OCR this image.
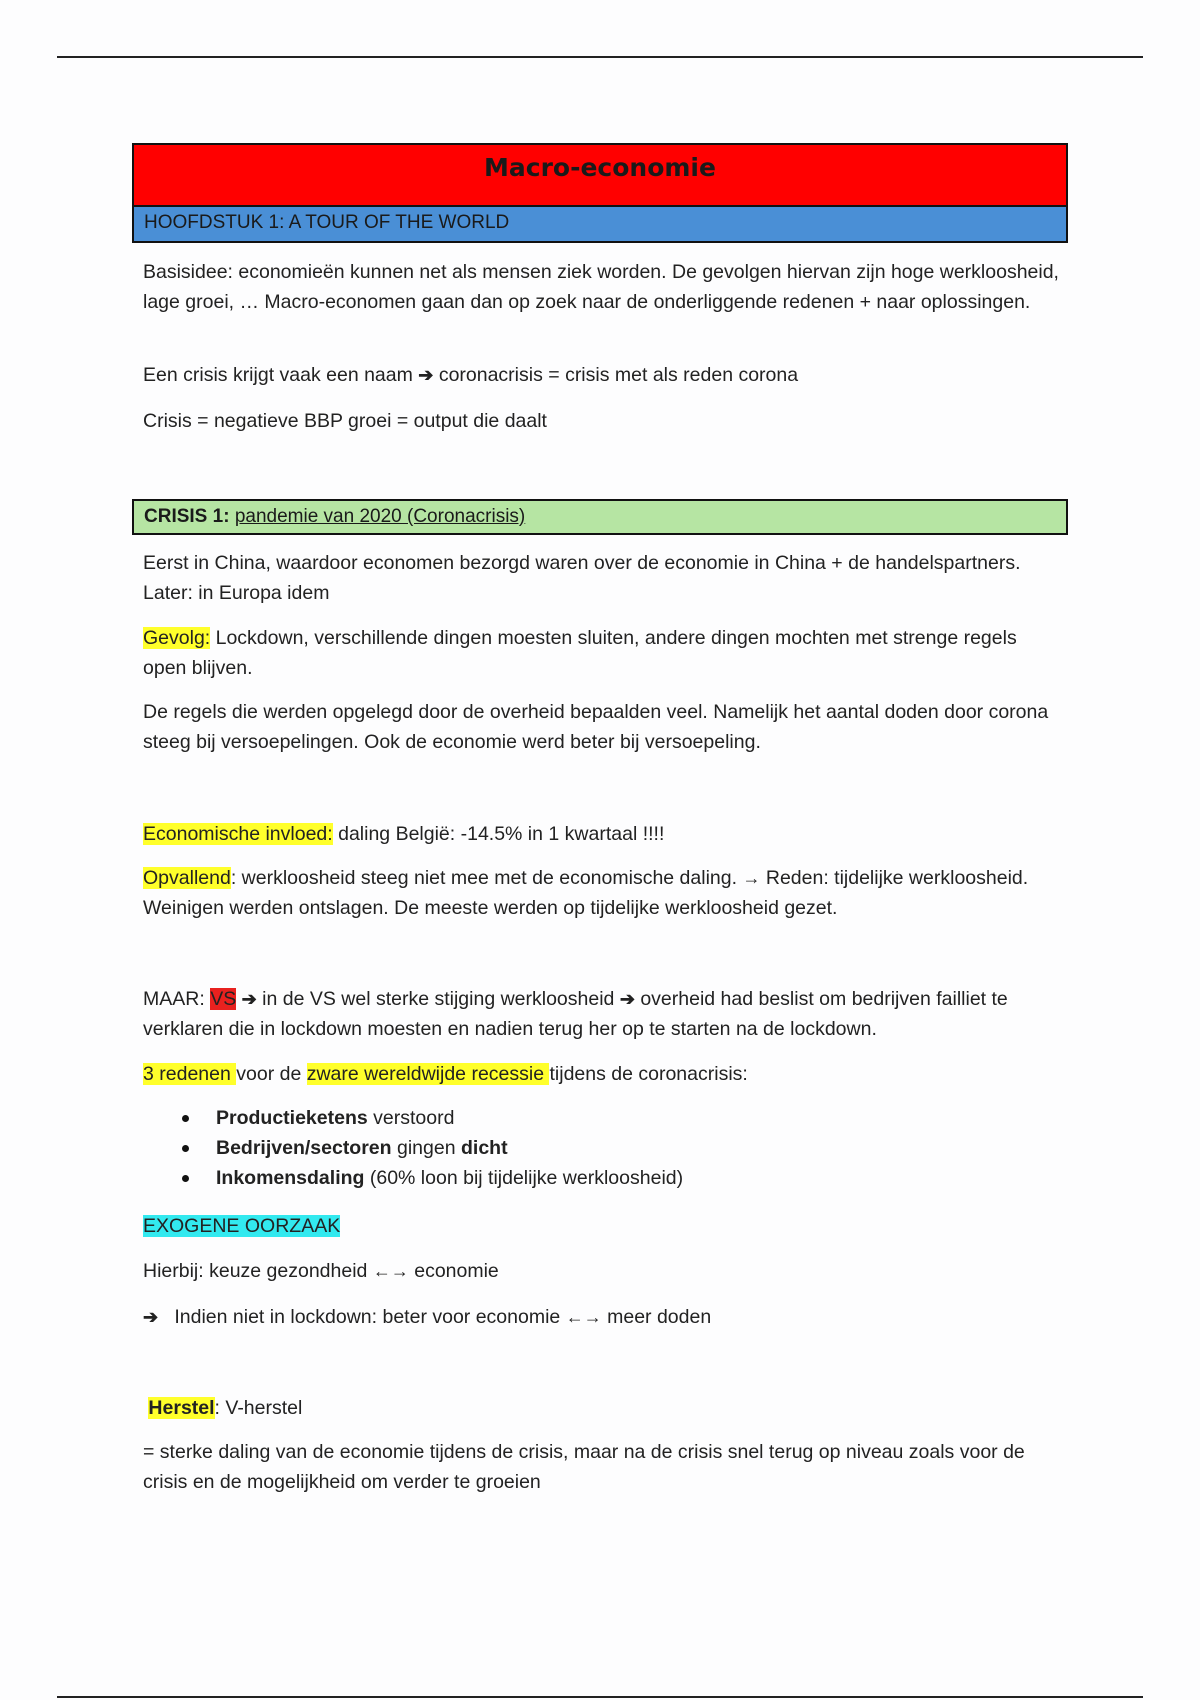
Macro-economie
HOOFDSTUK 1: A TOUR OF THE WORLD

Basisidee: economieën kunnen net als mensen ziek worden. De gevolgen hiervan zijn hoge werkloosheid, lage groei, … Macro-economen gaan dan op zoek naar de onderliggende redenen + naar oplossingen.

Een crisis krijgt vaak een naam ➔ coronacrisis = crisis met als reden corona

Crisis = negatieve BBP groei = output die daalt

CRISIS 1: pandemie van 2020 (Coronacrisis)

Eerst in China, waardoor economen bezorgd waren over de economie in China + de handelspartners. Later: in Europa idem

Gevolg: Lockdown, verschillende dingen moesten sluiten, andere dingen mochten met strenge regels open blijven.

De regels die werden opgelegd door de overheid bepaalden veel. Namelijk het aantal doden door corona steeg bij versoepelingen. Ook de economie werd beter bij versoepeling.

Economische invloed: daling België: -14.5% in 1 kwartaal !!!!

Opvallend: werkloosheid steeg niet mee met de economische daling. → Reden: tijdelijke werkloosheid. Weinigen werden ontslagen. De meeste werden op tijdelijke werkloosheid gezet.

MAAR: VS ➔ in de VS wel sterke stijging werkloosheid ➔ overheid had beslist om bedrijven failliet te verklaren die in lockdown moesten en nadien terug her op te starten na de lockdown.

3 redenen voor de zware wereldwijde recessie tijdens de coronacrisis:

Productieketens verstoord
Bedrijven/sectoren gingen dicht
Inkomensdaling (60% loon bij tijdelijke werkloosheid)

EXOGENE OORZAAK

Hierbij: keuze gezondheid ←→ economie

➔ Indien niet in lockdown: beter voor economie ←→ meer doden

Herstel: V-herstel

= sterke daling van de economie tijdens de crisis, maar na de crisis snel terug op niveau zoals voor de crisis en de mogelijkheid om verder te groeien
